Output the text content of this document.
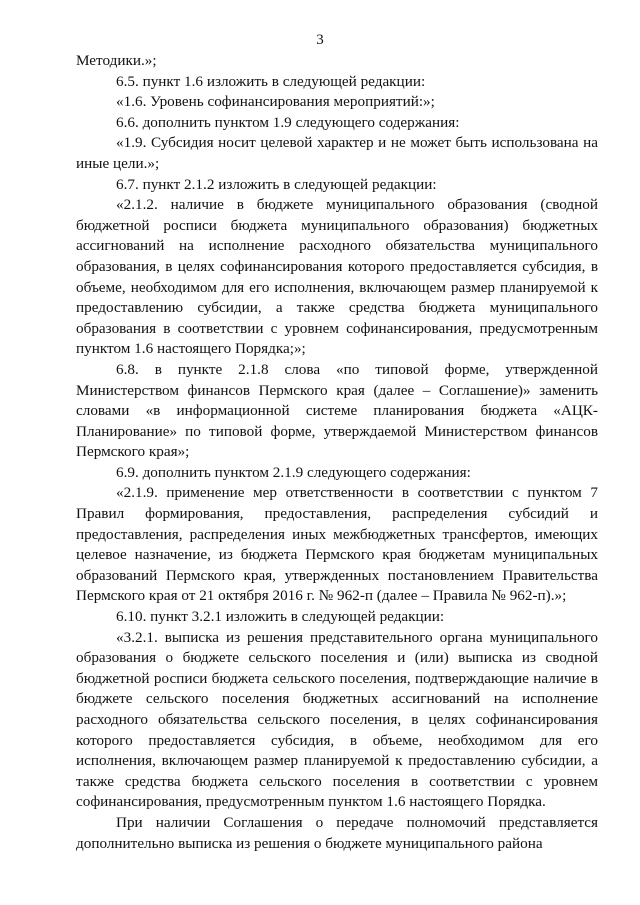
3

Методики.»;

6.5. пункт 1.6 изложить в следующей редакции:

«1.6. Уровень софинансирования мероприятий:»;

6.6. дополнить пунктом 1.9 следующего содержания:

«1.9. Субсидия носит целевой характер и не может быть использована на иные цели.»;

6.7. пункт 2.1.2 изложить в следующей редакции:

«2.1.2. наличие в бюджете муниципального образования (сводной бюджетной росписи бюджета муниципального образования) бюджетных ассигнований на исполнение расходного обязательства муниципального образования, в целях софинансирования которого предоставляется субсидия, в объеме, необходимом для его исполнения, включающем размер планируемой к предоставлению субсидии, а также средства бюджета муниципального образования в соответствии с уровнем софинансирования, предусмотренным пунктом 1.6 настоящего Порядка;»;

6.8. в пункте 2.1.8 слова «по типовой форме, утвержденной Министерством финансов Пермского края (далее – Соглашение)» заменить словами «в информационной системе планирования бюджета «АЦК-Планирование» по типовой форме, утверждаемой Министерством финансов Пермского края»;

6.9. дополнить пунктом 2.1.9 следующего содержания:

«2.1.9. применение мер ответственности в соответствии с пунктом 7 Правил формирования, предоставления, распределения субсидий и предоставления, распределения иных межбюджетных трансфертов, имеющих целевое назначение, из бюджета Пермского края бюджетам муниципальных образований Пермского края, утвержденных постановлением Правительства Пермского края от 21 октября 2016 г. № 962-п (далее – Правила № 962-п).»;

6.10. пункт 3.2.1 изложить в следующей редакции:

«3.2.1. выписка из решения представительного органа муниципального образования о бюджете сельского поселения и (или) выписка из сводной бюджетной росписи бюджета сельского поселения, подтверждающие наличие в бюджете сельского поселения бюджетных ассигнований на исполнение расходного обязательства сельского поселения, в целях софинансирования которого предоставляется субсидия, в объеме, необходимом для его исполнения, включающем размер планируемой к предоставлению субсидии, а также средства бюджета сельского поселения в соответствии с уровнем софинансирования, предусмотренным пунктом 1.6 настоящего Порядка.

При наличии Соглашения о передаче полномочий представляется дополнительно выписка из решения о бюджете муниципального района
